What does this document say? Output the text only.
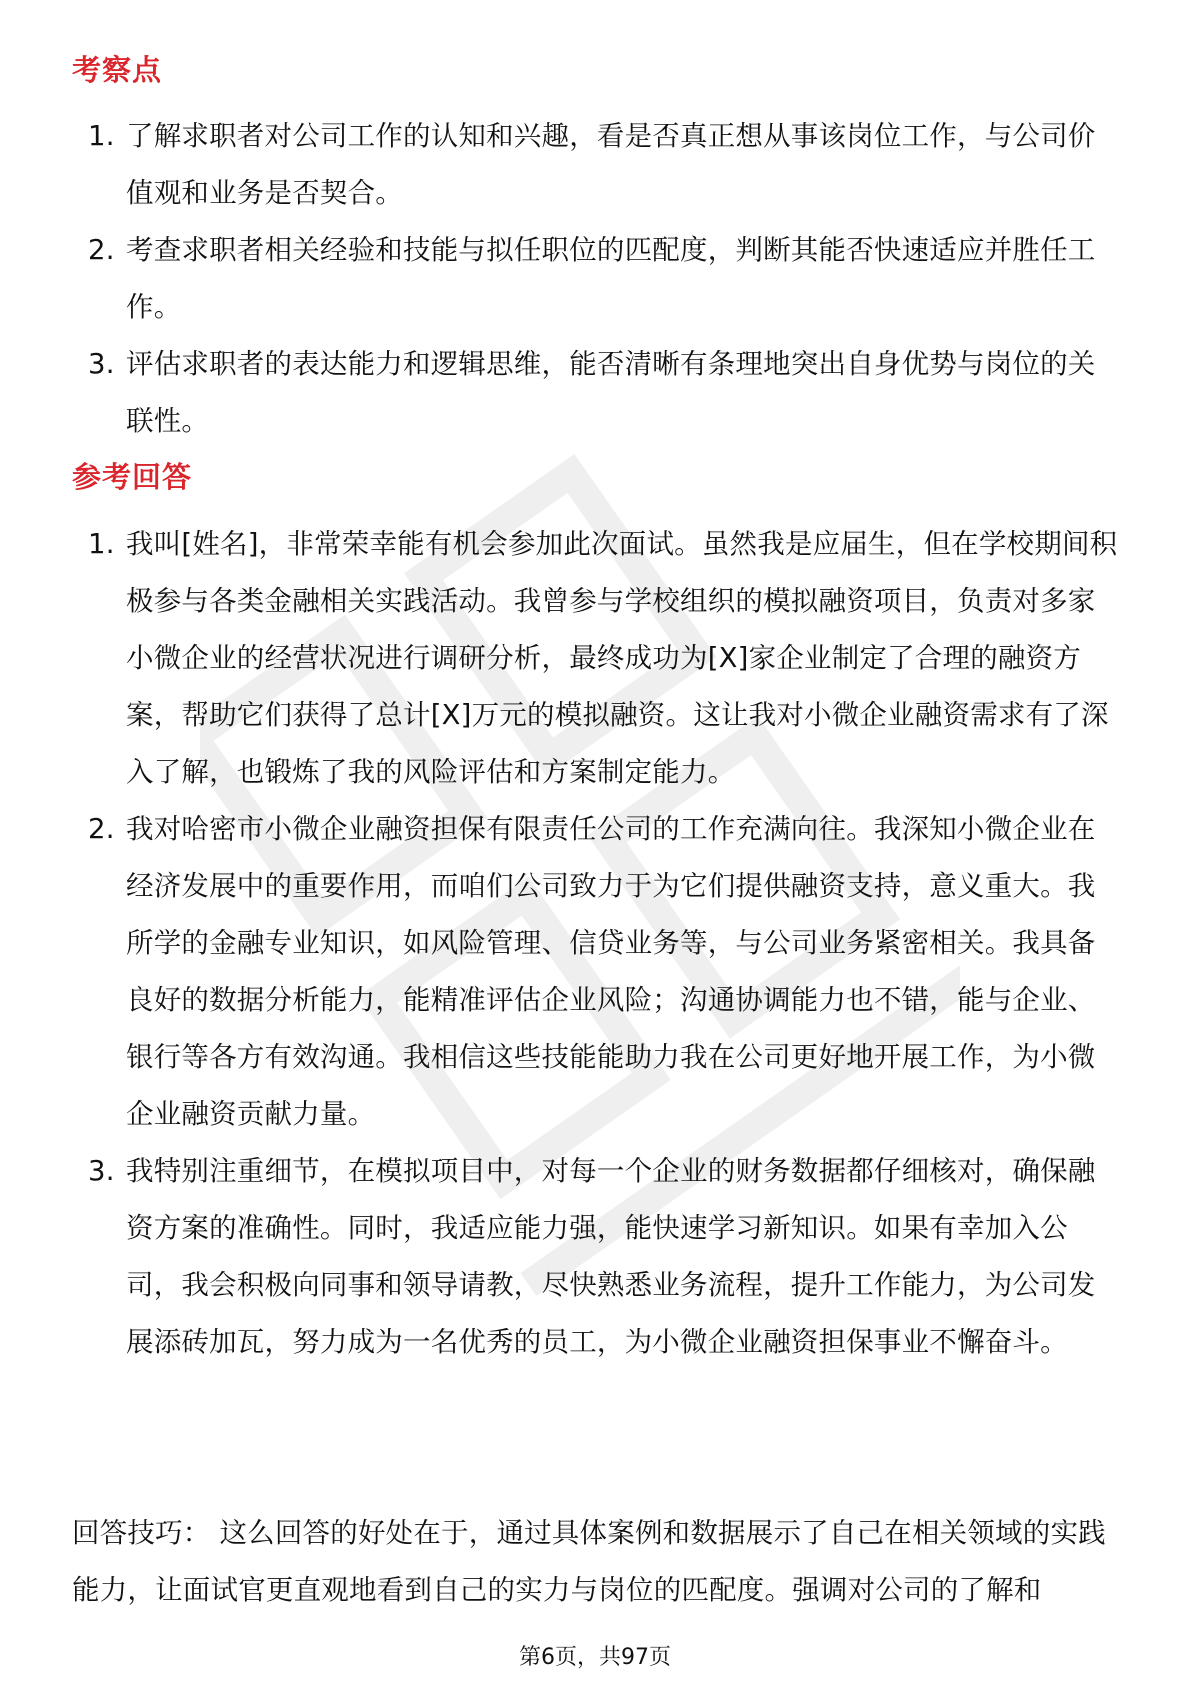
考察点
1. 了解求职者对公司工作的认知和兴趣，看是否真正想从事该岗位工作，与公司价值观和业务是否契合。
2. 考查求职者相关经验和技能与拟任职位的匹配度，判断其能否快速适应并胜任工作。
3. 评估求职者的表达能力和逻辑思维，能否清晰有条理地突出自身优势与岗位的关联性。
参考回答
1. 我叫[姓名]，非常荣幸能有机会参加此次面试。虽然我是应届生，但在学校期间积极参与各类金融相关实践活动。我曾参与学校组织的模拟融资项目，负责对多家小微企业的经营状况进行调研分析，最终成功为[X]家企业制定了合理的融资方案，帮助它们获得了总计[X]万元的模拟融资。这让我对小微企业融资需求有了深入了解，也锻炼了我的风险评估和方案制定能力。
2. 我对哈密市小微企业融资担保有限责任公司的工作充满向往。我深知小微企业在经济发展中的重要作用，而咱们公司致力于为它们提供融资支持，意义重大。我所学的金融专业知识，如风险管理、信贷业务等，与公司业务紧密相关。我具备良好的数据分析能力，能精准评估企业风险；沟通协调能力也不错，能与企业、银行等各方有效沟通。我相信这些技能能助力我在公司更好地开展工作，为小微企业融资贡献力量。
3. 我特别注重细节，在模拟项目中，对每一个企业的财务数据都仔细核对，确保融资方案的准确性。同时，我适应能力强，能快速学习新知识。如果有幸加入公司，我会积极向同事和领导请教，尽快熟悉业务流程，提升工作能力，为公司发展添砖加瓦，努力成为一名优秀的员工，为小微企业融资担保事业不懈奋斗。

回答技巧： 这么回答的好处在于，通过具体案例和数据展示了自己在相关领域的实践能力，让面试官更直观地看到自己的实力与岗位的匹配度。强调对公司的了解和

第6页，共97页
